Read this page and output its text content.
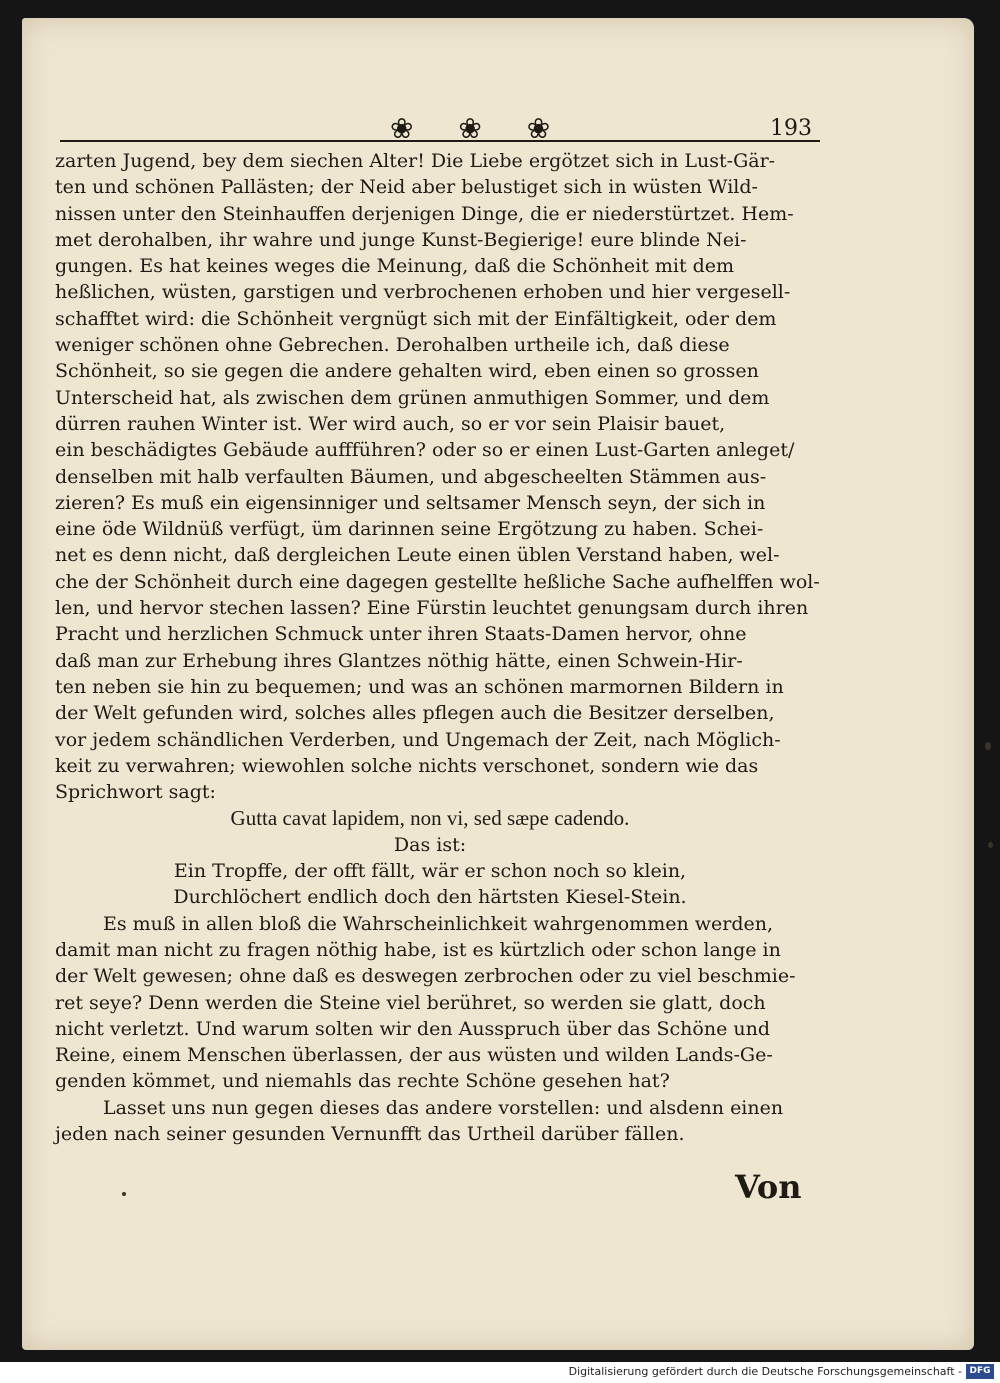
❀ ❀ ❀	193
zarten Jugend, bey dem siechen Alter! Die Liebe ergötzet sich in Lust-Gär-
ten und schönen Pallästen; der Neid aber belustiget sich in wüsten Wild-
nissen unter den Steinhauffen derjenigen Dinge, die er niederstürtzet. Hem-
met derohalben, ihr wahre und junge Kunst-Begierige! eure blinde Nei-
gungen. Es hat keines weges die Meinung, daß die Schönheit mit dem
heßlichen, wüsten, garstigen und verbrochenen erhoben und hier vergesell-
schafftet wird: die Schönheit vergnügt sich mit der Einfältigkeit, oder dem
weniger schönen ohne Gebrechen. Derohalben urtheile ich, daß diese
Schönheit, so sie gegen die andere gehalten wird, eben einen so grossen
Unterscheid hat, als zwischen dem grünen anmuthigen Sommer, und dem
dürren rauhen Winter ist. Wer wird auch, so er vor sein Plaisir bauet,
ein beschädigtes Gebäude auffführen? oder so er einen Lust-Garten anleget/
denselben mit halb verfaulten Bäumen, und abgescheelten Stämmen aus-
zieren? Es muß ein eigensinniger und seltsamer Mensch seyn, der sich in
eine öde Wildnüß verfügt, üm darinnen seine Ergötzung zu haben. Schei-
net es denn nicht, daß dergleichen Leute einen üblen Verstand haben, wel-
che der Schönheit durch eine dagegen gestellte heßliche Sache aufhelffen wol-
len, und hervor stechen lassen? Eine Fürstin leuchtet genungsam durch ihren
Pracht und herzlichen Schmuck unter ihren Staats-Damen hervor, ohne
daß man zur Erhebung ihres Glantzes nöthig hätte, einen Schwein-Hir-
ten neben sie hin zu bequemen; und was an schönen marmornen Bildern in
der Welt gefunden wird, solches alles pflegen auch die Besitzer derselben,
vor jedem schändlichen Verderben, und Ungemach der Zeit, nach Möglich-
keit zu verwahren; wiewohlen solche nichts verschonet, sondern wie das
Sprichwort sagt:
Gutta cavat lapidem, non vi, sed sæpe cadendo.
Das ist:
Ein Tropffe, der offt fällt, wär er schon noch so klein,
Durchlöchert endlich doch den härtsten Kiesel-Stein.
Es muß in allen bloß die Wahrscheinlichkeit wahrgenommen werden,
damit man nicht zu fragen nöthig habe, ist es kürtzlich oder schon lange in
der Welt gewesen; ohne daß es deswegen zerbrochen oder zu viel beschmie-
ret seye? Denn werden die Steine viel berühret, so werden sie glatt, doch
nicht verletzt. Und warum solten wir den Ausspruch über das Schöne und
Reine, einem Menschen überlassen, der aus wüsten und wilden Lands-Ge-
genden kömmet, und niemahls das rechte Schöne gesehen hat?
Lasset uns nun gegen dieses das andere vorstellen: und alsdenn einen
jeden nach seiner gesunden Vernunfft das Urtheil darüber fällen.
Von
Digitalisierung gefördert durch die Deutsche Forschungsgemeinschaft - DFG
